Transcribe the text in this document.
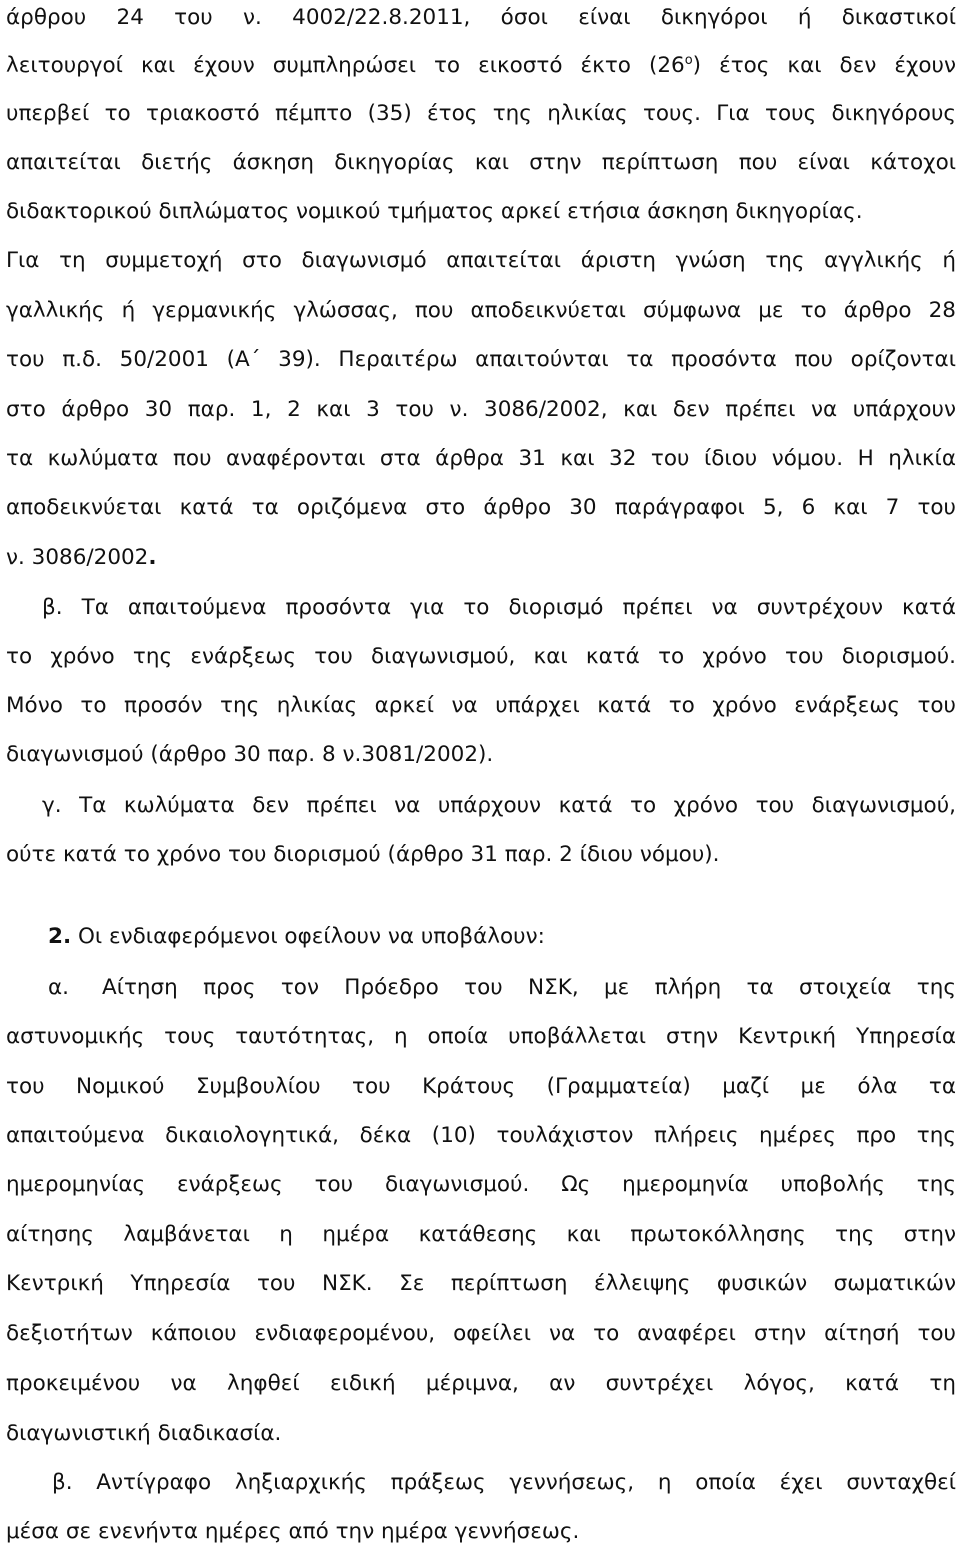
άρθρου 24 του ν. 4002/22.8.2011, όσοι είναι δικηγόροι ή δικαστικοί
λειτουργοί και έχουν συμπληρώσει το εικοστό έκτο $(26^o)$ έτος και δεν έχουν
υπερβεί το τριακοστό πέμπτο (35) έτος της ηλικίας τους. Για τους δικηγόρους
απαιτείται διετής άσκηση δικηγορίας και στην περίπτωση που είναι κάτοχοι
διδακτορικού διπλώματος νομικού τμήματος αρκεί ετήσια άσκηση δικηγορίας.
Για τη συμμετοχή στο διαγωνισμό απαιτείται άριστη γνώση της αγγλικής ή
γαλλικής ή γερμανικής γλώσσας, που αποδεικνύεται σύμφωνα με το άρθρο 28
του π.δ. 50/2001 (Α΄ 39). Περαιτέρω απαιτούνται τα προσόντα που ορίζονται
στο άρθρο 30 παρ. 1, 2 και 3 του ν. 3086/2002, και δεν πρέπει να υπάρχουν
τα κωλύματα που αναφέρονται στα άρθρα 31 και 32 του ίδιου νόμου. Η ηλικία
αποδεικνύεται κατά τα οριζόμενα στο άρθρο 30 παράγραφοι 5, 6 και 7 του
ν. 3086/2002.
β. Τα απαιτούμενα προσόντα για το διορισμό πρέπει να συντρέχουν κατά
το χρόνο της ενάρξεως του διαγωνισμού, και κατά το χρόνο του διορισμού.
Μόνο το προσόν της ηλικίας αρκεί να υπάρχει κατά το χρόνο ενάρξεως του
διαγωνισμού (άρθρο 30 παρ. 8 ν.3081/2002).
γ. Τα κωλύματα δεν πρέπει να υπάρχουν κατά το χρόνο του διαγωνισμού,
ούτε κατά το χρόνο του διορισμού (άρθρο 31 παρ. 2 ίδιου νόμου).
2. Οι ενδιαφερόμενοι οφείλουν να υποβάλουν:
α. Αίτηση προς τον Πρόεδρο του ΝΣΚ, με πλήρη τα στοιχεία της
αστυνομικής τους ταυτότητας, η οποία υποβάλλεται στην Κεντρική Υπηρεσία
του Νομικού Συμβουλίου του Κράτους (Γραμματεία) μαζί με όλα τα
απαιτούμενα δικαιολογητικά, δέκα (10) τουλάχιστον πλήρεις ημέρες προ της
ημερομηνίας ενάρξεως του διαγωνισμού. Ως ημερομηνία υποβολής της
αίτησης λαμβάνεται η ημέρα κατάθεσης και πρωτοκόλλησης της στην
Κεντρική Υπηρεσία του ΝΣΚ. Σε περίπτωση έλλειψης φυσικών σωματικών
δεξιοτήτων κάποιου ενδιαφερομένου, οφείλει να το αναφέρει στην αίτησή του
προκειμένου να ληφθεί ειδική μέριμνα, αν συντρέχει λόγος, κατά τη
διαγωνιστική διαδικασία.
β. Αντίγραφο ληξιαρχικής πράξεως γεννήσεως, η οποία έχει συνταχθεί
μέσα σε ενενήντα ημέρες από την ημέρα γεννήσεως.
